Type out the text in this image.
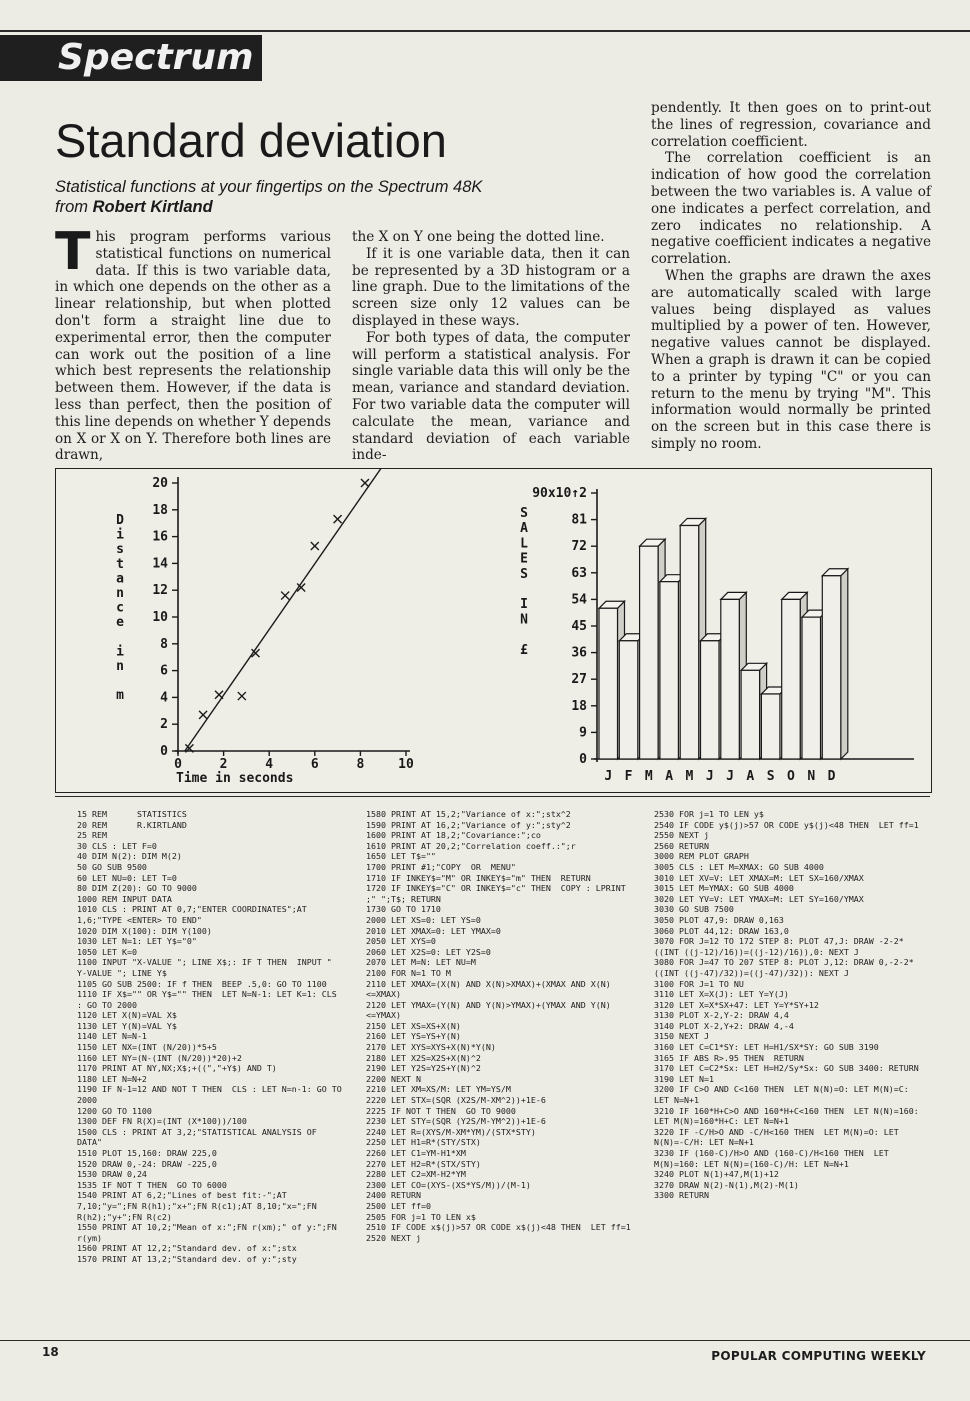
Spectrum
Standard deviation
Statistical functions at your fingertips on the Spectrum 48K
from Robert Kirtland

This program performs various statistical functions on numerical data. If this is two variable data, in which one depends on the other as a linear relationship, but when plotted don't form a straight line due to experimental error, then the computer can work out the position of a line which best represents the relationship between them. However, if the data is less than perfect, then the position of this line depends on whether Y depends on X or X on Y. Therefore both lines are drawn,

the X on Y one being the dotted line.

If it is one variable data, then it can be represented by a 3D histogram or a line graph. Due to the limitations of the screen size only 12 values can be displayed in these ways.

For both types of data, the computer will perform a statistical analysis. For single variable data this will only be the mean, variance and standard deviation. For two variable data the computer will calculate the mean, variance and standard deviation of each variable inde-

pendently. It then goes on to print-out the lines of regression, covariance and correlation coefficient.

The correlation coefficient is an indication of how good the correlation between the two variables is. A value of one indicates a perfect correlation, and zero indicates no relationship. A negative coefficient indicates a negative correlation.

When the graphs are drawn the axes are automatically scaled with large values being displayed as values multiplied by a power of ten. However, negative values cannot be displayed. When a graph is drawn it can be copied to a printer by typing "C" or you can return to the menu by trying "M". This information would normally be printed on the screen but in this case there is simply no room.

0
2
4
6
8
10
12
14
16
18
20
0	2	4	6	8	10
Time in seconds
D i s t a n c e i n m
0
9
18
27
36
45
54
63
72
81
90x10↑2
J F M A M J J A S O N D
S A L E S I N £
15 REM      STATISTICS
20 REM      R.KIRTLAND
25 REM
30 CLS : LET F=0
40 DIM N(2): DIM M(2)
50 GO SUB 9500
60 LET NU=0: LET T=0
80 DIM Z(20): GO TO 9000
1000 REM INPUT DATA
1010 CLS : PRINT AT 0,7;"ENTER COORDINATES";AT 1,6;"TYPE <ENTER> TO END"
1020 DIM X(100): DIM Y(100)
1030 LET N=1: LET Y$="0"
1050 LET K=0
1100 INPUT "X-VALUE "; LINE X$;: IF T THEN  INPUT " Y-VALUE "; LINE Y$
1105 GO SUB 2500: IF f THEN  BEEP .5,0: GO TO 1100
1110 IF X$="" OR Y$="" THEN  LET N=N-1: LET K=1: CLS : GO TO 2000
1120 LET X(N)=VAL X$
1130 LET Y(N)=VAL Y$
1140 LET N=N-1
1150 LET NX=(INT (N/20))*5+5
1160 LET NY=(N-(INT (N/20))*20)+2
1170 PRINT AT NY,NX;X$;+((","+Y$) AND T)
1180 LET N=N+2
1190 IF N-1=12 AND NOT T THEN  CLS : LET N=n-1: GO TO 2000
1200 GO TO 1100
1300 DEF FN R(X)=(INT (X*100))/100
1500 CLS : PRINT AT 3,2;"STATISTICAL ANALYSIS OF DATA"
1510 PLOT 15,160: DRAW 225,0
1520 DRAW 0,-24: DRAW -225,0
1530 DRAW 0,24
1535 IF NOT T THEN  GO TO 6000
1540 PRINT AT 6,2;"Lines of best fit:-";AT 7,10;"y=";FN R(h1);"x+";FN R(c1);AT 8,10;"x=";FN R(h2);"y+";FN R(c2)
1550 PRINT AT 10,2;"Mean of x:";FN r(xm);" of y:";FN r(ym)
1560 PRINT AT 12,2;"Standard dev. of x:";stx
1570 PRINT AT 13,2;"Standard dev. of y:";sty
1580 PRINT AT 15,2;"Variance of x:";stx^2
1590 PRINT AT 16,2;"Variance of y:";sty^2
1600 PRINT AT 18,2;"Covariance:";co
1610 PRINT AT 20,2;"Correlation coeff.:";r
1650 LET T$=""
1700 PRINT #1;"COPY  OR  MENU"
1710 IF INKEY$="M" OR INKEY$="m" THEN  RETURN
1720 IF INKEY$="C" OR INKEY$="c" THEN  COPY : LPRINT ;" ";T$; RETURN
1730 GO TO 1710
2000 LET XS=0: LET YS=0
2010 LET XMAX=0: LET YMAX=0
2050 LET XYS=0
2060 LET X2S=0: LET Y2S=0
2070 LET M=N: LET NU=M
2100 FOR N=1 TO M
2110 LET XMAX=(X(N) AND X(N)>XMAX)+(XMAX AND X(N)<=XMAX)
2120 LET YMAX=(Y(N) AND Y(N)>YMAX)+(YMAX AND Y(N)<=YMAX)
2150 LET XS=XS+X(N)
2160 LET YS=YS+Y(N)
2170 LET XYS=XYS+X(N)*Y(N)
2180 LET X2S=X2S+X(N)^2
2190 LET Y2S=Y2S+Y(N)^2
2200 NEXT N
2210 LET XM=XS/M: LET YM=YS/M
2220 LET STX=(SQR (X2S/M-XM^2))+1E-6
2225 IF NOT T THEN  GO TO 9000
2230 LET STY=(SQR (Y2S/M-YM^2))+1E-6
2240 LET R=(XYS/M-XM*YM)/(STX*STY)
2250 LET H1=R*(STY/STX)
2260 LET C1=YM-H1*XM
2270 LET H2=R*(STX/STY)
2280 LET C2=XM-H2*YM
2300 LET CO=(XYS-(XS*YS/M))/(M-1)
2400 RETURN
2500 LET ff=0
2505 FOR j=1 TO LEN x$
2510 IF CODE x$(j)>57 OR CODE x$(j)<48 THEN  LET ff=1
2520 NEXT j
2530 FOR j=1 TO LEN y$
2540 IF CODE y$(j)>57 OR CODE y$(j)<48 THEN  LET ff=1
2550 NEXT j
2560 RETURN
3000 REM PLOT GRAPH
3005 CLS : LET M=XMAX: GO SUB 4000
3010 LET XV=V: LET XMAX=M: LET SX=160/XMAX
3015 LET M=YMAX: GO SUB 4000
3020 LET YV=V: LET YMAX=M: LET SY=160/YMAX
3030 GO SUB 7500
3050 PLOT 47,9: DRAW 0,163
3060 PLOT 44,12: DRAW 163,0
3070 FOR J=12 TO 172 STEP 8: PLOT 47,J: DRAW -2-2*((INT ((j-12)/16))=((j-12)/16)),0: NEXT J
3080 FOR J=47 TO 207 STEP 8: PLOT J,12: DRAW 0,-2-2*((INT ((j-47)/32))=((j-47)/32)): NEXT J
3100 FOR J=1 TO NU
3110 LET X=X(J): LET Y=Y(J)
3120 LET X=X*SX+47: LET Y=Y*SY+12
3130 PLOT X-2,Y-2: DRAW 4,4
3140 PLOT X-2,Y+2: DRAW 4,-4
3150 NEXT J
3160 LET C=C1*SY: LET H=H1/SX*SY: GO SUB 3190
3165 IF ABS R>.95 THEN  RETURN
3170 LET C=C2*Sx: LET H=H2/Sy*Sx: GO SUB 3400: RETURN
3190 LET N=1
3200 IF C>O AND C<160 THEN  LET N(N)=O: LET M(N)=C: LET N=N+1
3210 IF 160*H+C>O AND 160*H+C<160 THEN  LET N(N)=160: LET M(N)=160*H+C: LET N=N+1
3220 IF -C/H>O AND -C/H<160 THEN  LET M(N)=O: LET N(N)=-C/H: LET N=N+1
3230 IF (160-C)/H>O AND (160-C)/H<160 THEN  LET M(N)=160: LET N(N)=(160-C)/H: LET N=N+1
3240 PLOT N(1)+47,M(1)+12
3270 DRAW N(2)-N(1),M(2)-M(1)
3300 RETURN
18	POPULAR COMPUTING WEEKLY
